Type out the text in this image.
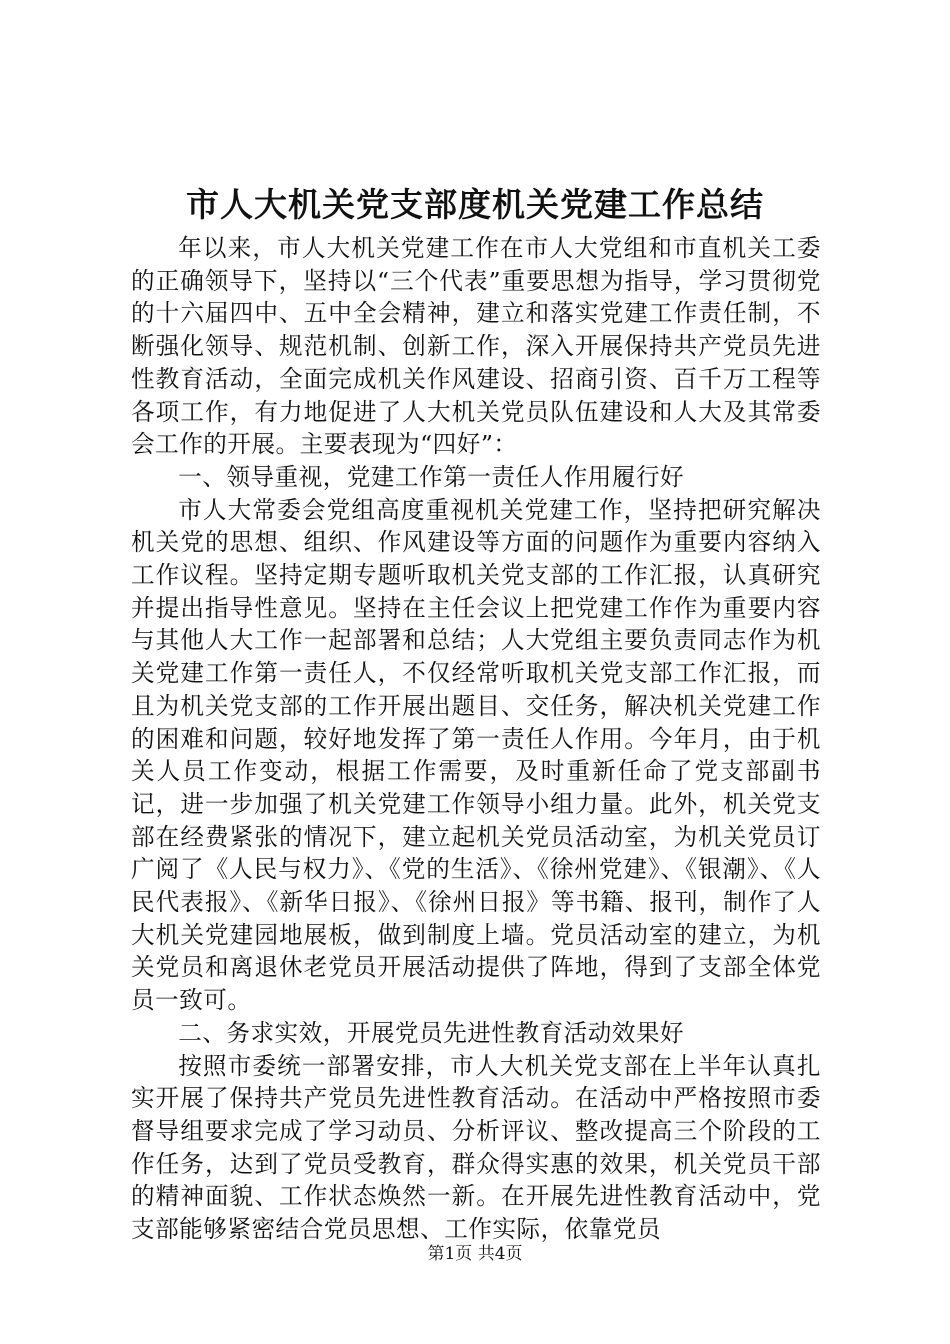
市人大机关党支部度机关党建工作总结

年以来，市人大机关党建工作在市人大党组和市直机关工委的正确领导下，坚持以“三个代表”重要思想为指导，学习贯彻党的十六届四中、五中全会精神，建立和落实党建工作责任制，不断强化领导、规范机制、创新工作，深入开展保持共产党员先进性教育活动，全面完成机关作风建设、招商引资、百千万工程等各项工作，有力地促进了人大机关党员队伍建设和人大及其常委会工作的开展。主要表现为“四好”：

一、领导重视，党建工作第一责任人作用履行好

市人大常委会党组高度重视机关党建工作，坚持把研究解决机关党的思想、组织、作风建设等方面的问题作为重要内容纳入工作议程。坚持定期专题听取机关党支部的工作汇报，认真研究并提出指导性意见。坚持在主任会议上把党建工作作为重要内容与其他人大工作一起部署和总结；人大党组主要负责同志作为机关党建工作第一责任人，不仅经常听取机关党支部工作汇报，而且为机关党支部的工作开展出题目、交任务，解决机关党建工作的困难和问题，较好地发挥了第一责任人作用。今年月，由于机关人员工作变动，根据工作需要，及时重新任命了党支部副书记，进一步加强了机关党建工作领导小组力量。此外，机关党支部在经费紧张的情况下，建立起机关党员活动室，为机关党员订广阅了《人民与权力》、《党的生活》、《徐州党建》、《银潮》、《人民代表报》、《新华日报》、《徐州日报》等书籍、报刊，制作了人大机关党建园地展板，做到制度上墙。党员活动室的建立，为机关党员和离退休老党员开展活动提供了阵地，得到了支部全体党员一致可。

二、务求实效，开展党员先进性教育活动效果好

按照市委统一部署安排，市人大机关党支部在上半年认真扎实开展了保持共产党员先进性教育活动。在活动中严格按照市委督导组要求完成了学习动员、分析评议、整改提高三个阶段的工作任务，达到了党员受教育，群众得实惠的效果，机关党员干部的精神面貌、工作状态焕然一新。在开展先进性教育活动中，党支部能够紧密结合党员思想、工作实际，依靠党员

第1页 共4页
